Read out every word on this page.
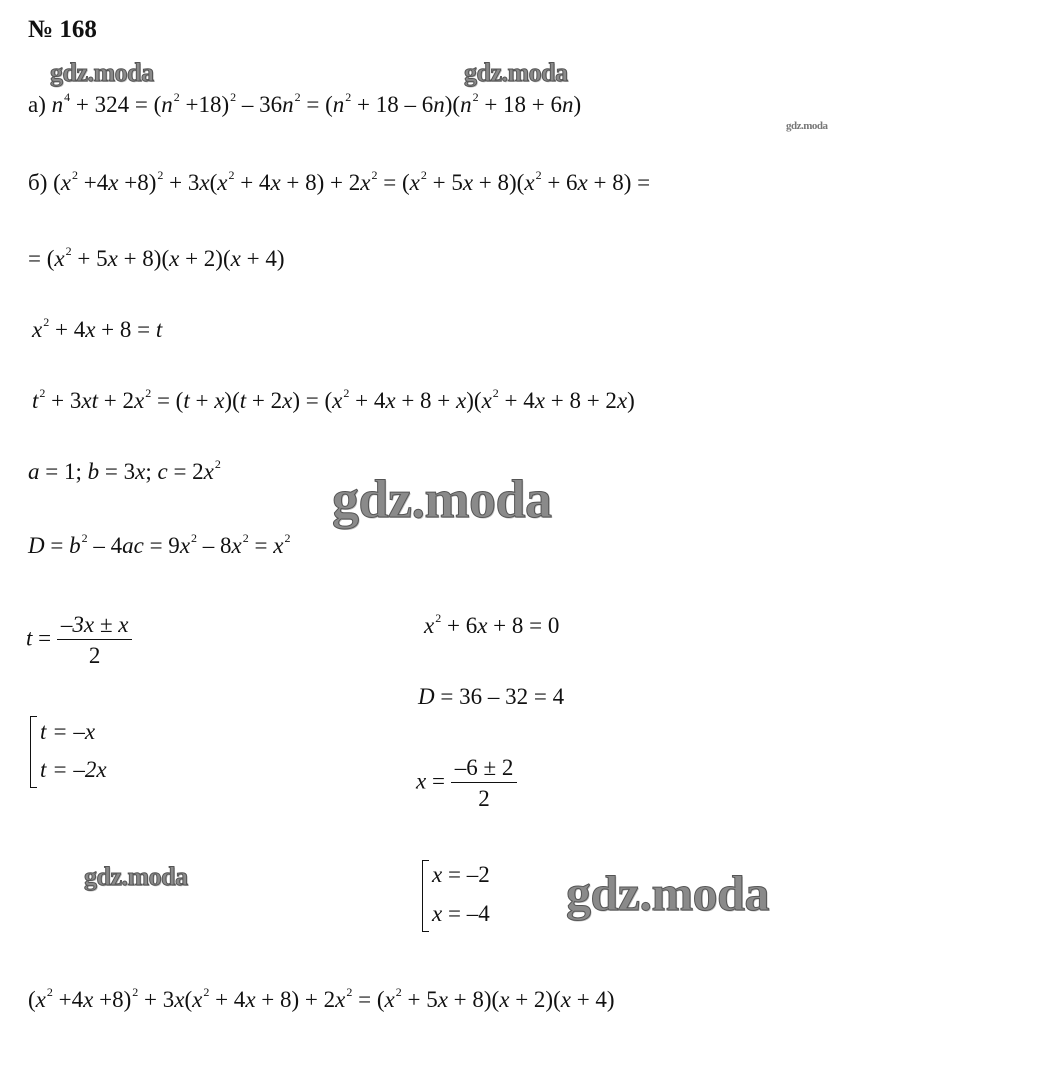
№ 168
gdz.moda	gdz.moda
gdz.moda
gdz.moda
gdz.moda	gdz.moda
а) $n^4 + 324 = (n^2 +18)^2 - 36n^2 = (n^2 + 18 - 6n)(n^2 + 18 + 6n)$
б) $(x^2 +4x +8)^2 + 3x(x^2 + 4x + 8) + 2x^2 = (x^2 + 5x + 8)(x^2 + 6x + 8)$ =
= $(x^2 + 5x + 8)(x + 2)(x + 4)$
$x^2 + 4x + 8 = t$
$t^2 + 3xt + 2x^2 = (t + x)(t + 2x) = (x^2 + 4x + 8 + x)(x^2 + 4x + 8 + 2x)$
a = 1; b = 3x; $c = 2x^2$
$D = b^2 - 4ac = 9x^2 - 8x^2 = x^2$
$t = \frac{-3x \pm x}{2}$
t = –x
t = –2x
$x^2 + 6x + 8 = 0$
D = 36 – 32 = 4
$x = \frac{-6 \pm 2}{2}$
x = –2
x = –4
$(x^2 +4x +8)^2 + 3x(x^2 + 4x + 8) + 2x^2 = (x^2 + 5x + 8)(x + 2)(x + 4)$
